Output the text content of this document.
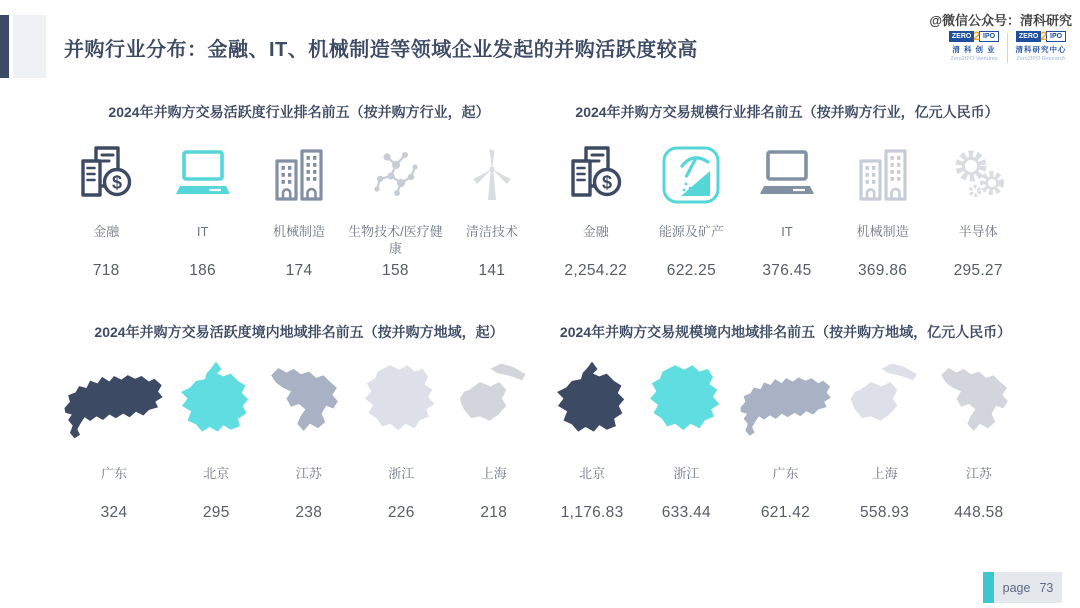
并购行业分布：金融、IT、机械制造等领域企业发起的并购活跃度较高
@微信公众号：清科研究
ZERO 2 IPO
清 科 创 业
Zero2IPO Ventures
ZERO 2 IPO
清科研究中心
Zero2IPO Research
2024年并购方交易活跃度行业排名前五（按并购方行业，起）
金融
718
IT
186
机械制造
174
生物技术/医疗健康
158
清洁技术
141
2024年并购方交易规模行业排名前五（按并购方行业，亿元人民币）
金融
2,254.22
能源及矿产
622.25
IT
376.45
机械制造
369.86
半导体
295.27
2024年并购方交易活跃度境内地域排名前五（按并购方地域，起）
广东
324
北京
295
江苏
238
浙江
226
上海
218
2024年并购方交易规模境内地域排名前五（按并购方地域，亿元人民币）
北京
1,176.83
浙江
633.44
广东
621.42
上海
558.93
江苏
448.58
page 73
